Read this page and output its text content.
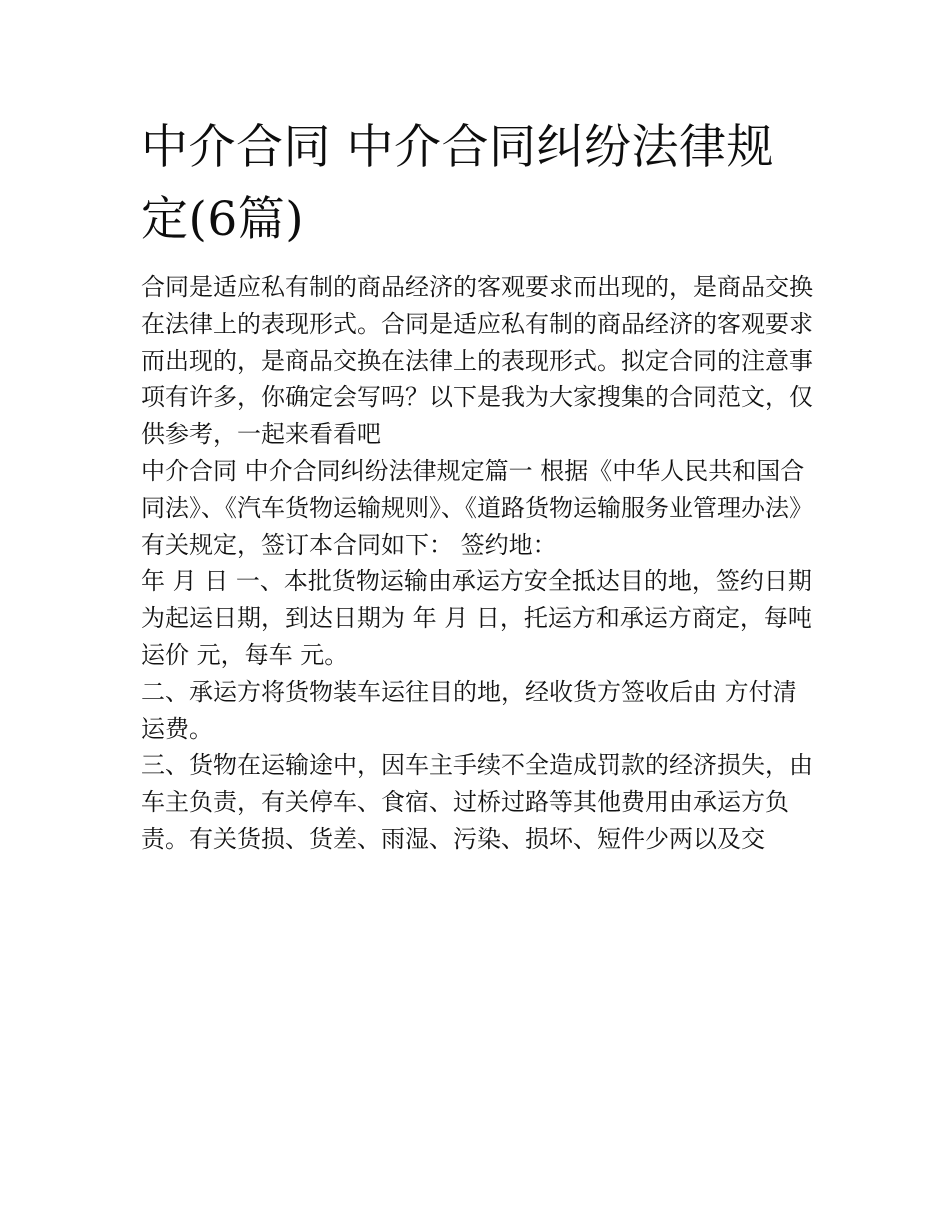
中介合同 中介合同纠纷法律规定(6篇)

合同是适应私有制的商品经济的客观要求而出现的，是商品交换在法律上的表现形式。合同是适应私有制的商品经济的客观要求而出现的，是商品交换在法律上的表现形式。拟定合同的注意事项有许多，你确定会写吗？以下是我为大家搜集的合同范文，仅供参考，一起来看看吧

中介合同 中介合同纠纷法律规定篇一 根据《中华人民共和国合同法》、《汽车货物运输规则》、《道路货物运输服务业管理办法》有关规定，签订本合同如下： 签约地：

年 月 日 一、本批货物运输由承运方安全抵达目的地，签约日期为起运日期，到达日期为 年 月 日，托运方和承运方商定，每吨运价 元，每车 元。

二、承运方将货物装车运往目的地，经收货方签收后由 方付清运费。

三、货物在运输途中，因车主手续不全造成罚款的经济损失，由车主负责，有关停车、食宿、过桥过路等其他费用由承运方负责。有关货损、货差、雨湿、污染、损坏、短件少两以及交
